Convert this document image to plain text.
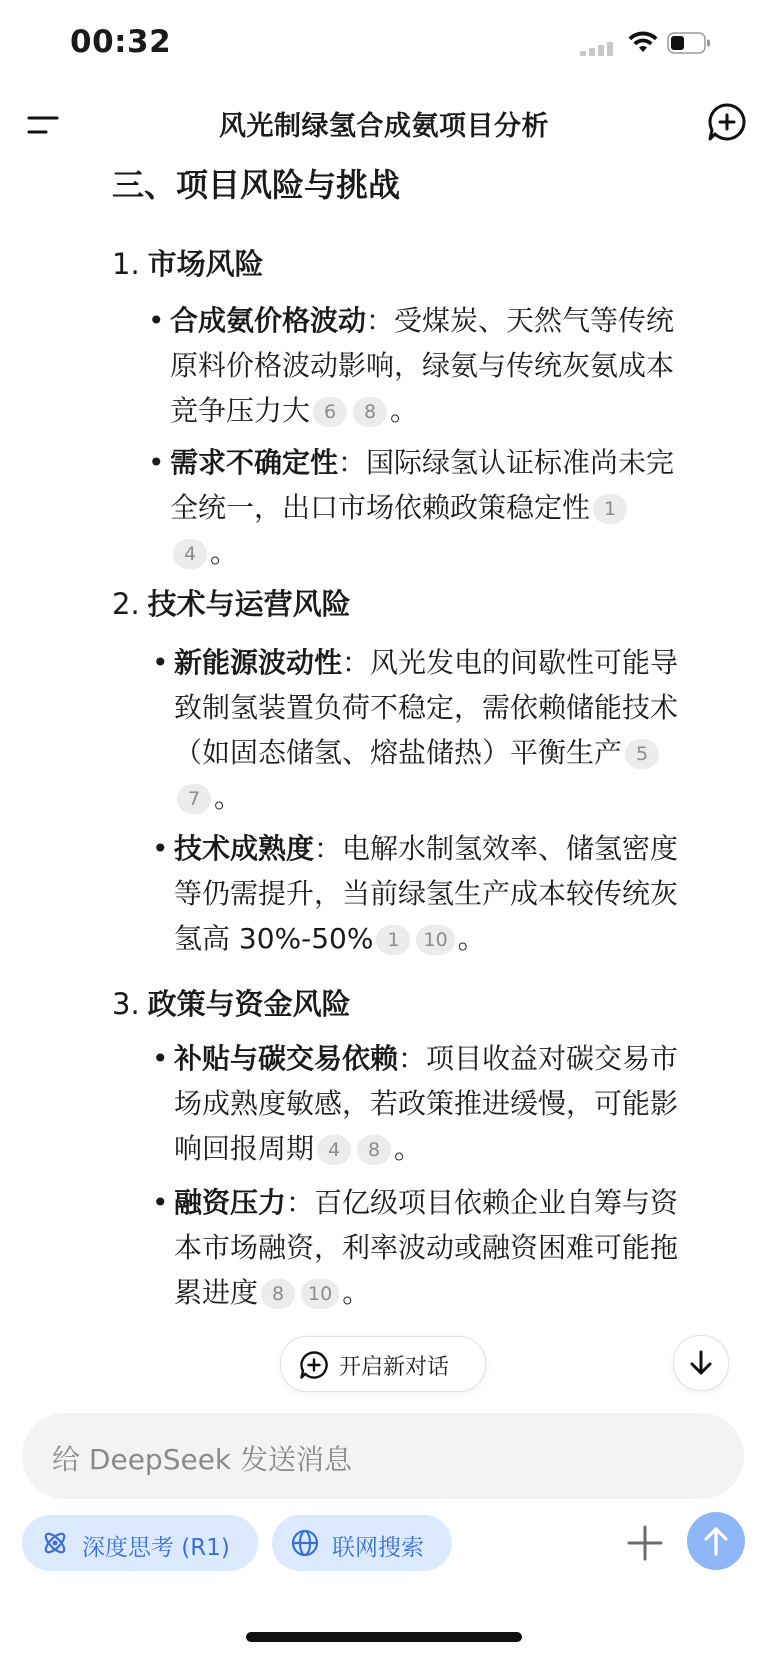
00:32
风光制绿氢合成氨项目分析
三、项目风险与挑战
1. 市场风险
• 合成氨价格波动：受煤炭、天然气等传统
原料价格波动影响，绿氨与传统灰氨成本
竞争压力大 6 8 。
• 需求不确定性：国际绿氢认证标准尚未完
全统一，出口市场依赖政策稳定性 1
4 。
2. 技术与运营风险
• 新能源波动性：风光发电的间歇性可能导
致制氢装置负荷不稳定，需依赖储能技术
（如固态储氢、熔盐储热）平衡生产 5
7 。
• 技术成熟度：电解水制氢效率、储氢密度
等仍需提升，当前绿氢生产成本较传统灰
氢高 30%-50% 1 10 。
3. 政策与资金风险
• 补贴与碳交易依赖：项目收益对碳交易市
场成熟度敏感，若政策推进缓慢，可能影
响回报周期 4 8 。
• 融资压力：百亿级项目依赖企业自筹与资
本市场融资，利率波动或融资困难可能拖
累进度 8 10 。
开启新对话
给 DeepSeek 发送消息
深度思考 (R1)	联网搜索
